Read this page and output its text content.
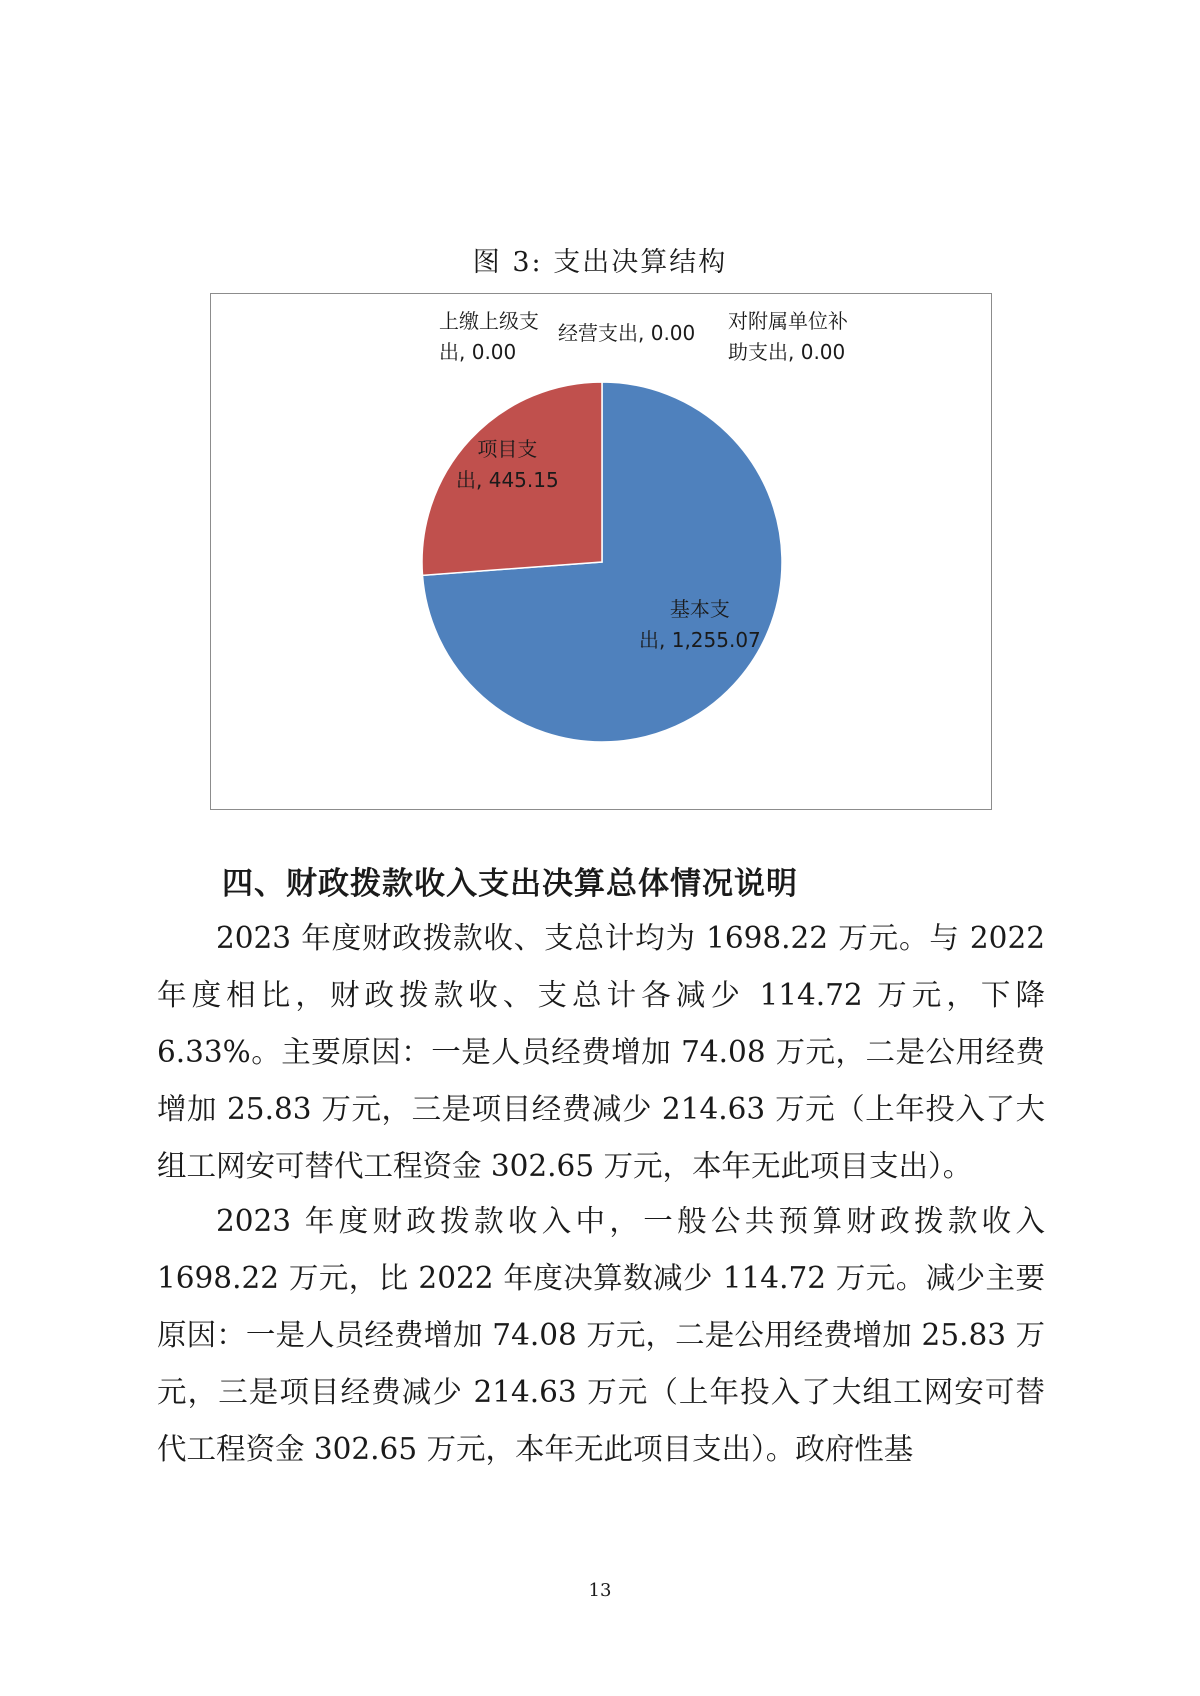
图 3: 支出决算结构
基本支
出, 1,255.07
项目支
出, 445.15
上缴上级支
出, 0.00
经营支出, 0.00 对附属单位补
助支出, 0.00
四、财政拨款收入支出决算总体情况说明

2023 年度财政拨款收、支总计均为 1698.22 万元。与 2022 年度相比，财政拨款收、支总计各减少 114.72 万元，下降 6.33%。主要原因：一是人员经费增加 74.08 万元，二是公用经费增加 25.83 万元，三是项目经费减少 214.63 万元（上年投入了大组工网安可替代工程资金 302.65 万元，本年无此项目支出）。

2023 年度财政拨款收入中，一般公共预算财政拨款收入 1698.22 万元，比 2022 年度决算数减少 114.72 万元。减少主要原因：一是人员经费增加 74.08 万元，二是公用经费增加 25.83 万元，三是项目经费减少 214.63 万元（上年投入了大组工网安可替代工程资金 302.65 万元，本年无此项目支出）。政府性基

13
